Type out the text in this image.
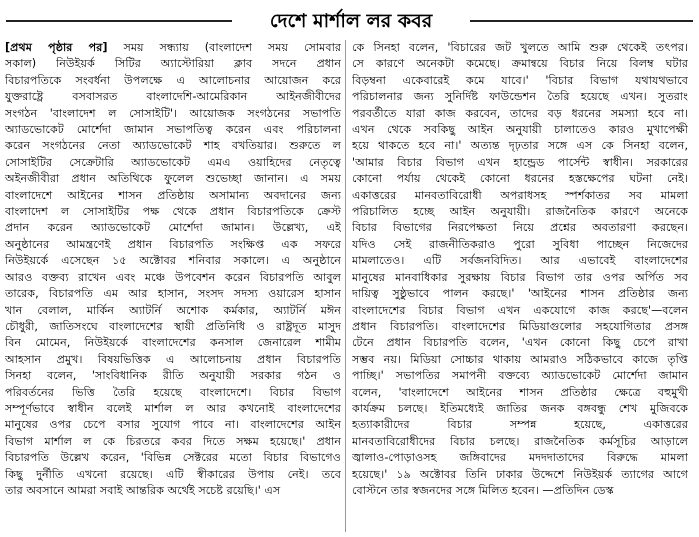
দেশে মার্শাল লর কবর
[প্রথম পৃষ্ঠার পর] সময় সন্ধ্যায় (বাংলাদেশ সময় সোমবার
সকাল) নিউইয়র্ক সিটির অ্যাস্টোরিয়া ক্লাব সদনে প্রধান
বিচারপতিকে সংবর্ধনা উপলক্ষে এ আলোচনার আয়োজন করে
যুক্তরাষ্ট্রে বসবাসরত বাংলাদেশি-আমেরিকান আইনজীবীদের
সংগঠন 'বাংলাদেশ ল সোসাইটি'। আয়োজক সংগঠনের সভাপতি
অ্যাডভোকেট মোর্শেদা জামান সভাপতিত্ব করেন এবং পরিচালনা
করেন সংগঠনের নেতা অ্যাডভোকেট শাহ বখতিয়ার। শুরুতে ল
সোসাইটির সেক্রেটারি অ্যাডভোকেট এমএ ওয়াহিদের নেতৃত্বে
অইনজীবীরা প্রধান অতিথিকে ফুলেল শুভেচ্ছা জানান। এ সময়
বাংলাদেশে আইনের শাসন প্রতিষ্ঠায় অসামান্য অবদানের জন্য
বাংলাদেশ ল সোসাইটির পক্ষ থেকে প্রধান বিচারপতিকে ক্রেস্ট
প্রদান করেন অ্যাডভোকেট মোর্শেদা জামান। উল্লেখ্য, এই
অনুষ্ঠানের আমন্ত্রণেই প্রধান বিচারপতি সংক্ষিপ্ত এক সফরে
নিউইয়র্কে এসেছেন ১৫ অক্টোবর শনিবার সকালে। এ অনুষ্ঠানে
আরও বক্তব্য রাখেন এবং মঞ্চে উপবেশন করেন বিচারপতি আবুল
তারেক, বিচারপতি এম আর হাসান, সংসদ সদস্য ওয়ারেস হাসান
খান বেলাল, মার্কিন অ্যাটর্নি অশোক কর্মকার, অ্যাটর্নি মঈন
চৌধুরী, জাতিসংঘে বাংলাদেশের স্থায়ী প্রতিনিধি ও রাষ্ট্রদূত মাসুদ
বিন মোমেন, নিউইয়র্কে বাংলাদেশের কনসাল জেনারেল শামীম
আহসান প্রমুখ। বিষয়ভিত্তিক এ আলোচনায় প্রধান বিচারপতি
সিনহা বলেন, 'সাংবিধানিক রীতি অনুযায়ী সরকার গঠন ও
পরিবর্তনের ভিত্তি তৈরি হয়েছে বাংলাদেশে। বিচার বিভাগ
সম্পূর্ণভাবে স্বাধীন বলেই মার্শাল ল আর কখনোই বাংলাদেশের
মানুষের ওপর চেপে বসার সুযোগ পাবে না। বাংলাদেশের আইন
বিভাগ মার্শাল ল কে চিরতরে কবর দিতে সক্ষম হয়েছে।' প্রধান
বিচারপতি উল্লেখ করেন, 'বিভিন্ন সেক্টরের মতো বিচার বিভাগেও
কিছু দুর্নীতি এখনো রয়েছে। এটি স্বীকারের উপায় নেই। তবে
তার অবসানে আমরা সবাই আন্তরিক অর্থেই সচেষ্ট রয়েছি।' এস
কে সিনহা বলেন, 'বিচারের জট খুলতে আমি শুরু থেকেই তৎপর।
সে কারণে অনেকটা কমেছে। ক্রমান্বয়ে বিচার নিয়ে বিলম্ব ঘটার
বিড়ম্বনা একেবারেই কমে যাবে।' 'বিচার বিভাগ যথাযথভাবে
পরিচালনার জন্য সুনির্দিষ্ট ফাউন্ডেশন তৈরি হয়েছে এখন। সুতরাং
পরবর্তীতে যারা কাজ করবেন, তাদের বড় ধরনের সমস্যা হবে না।
এখন থেকে সবকিছু আইন অনুযায়ী চালাতেও কারও মুখাপেক্ষী
হয়ে থাকতে হবে না।' অত্যন্ত দৃঢ়তার সঙ্গে এস কে সিনহা বলেন,
'আমার বিচার বিভাগ এখন হান্ড্রেড পার্সেন্ট স্বাধীন। সরকারের
কোনো পর্যায় থেকেই কোনো ধরনের হস্তক্ষেপের ঘটনা নেই।
একাত্তরের মানবতাবিরোধী অপরাধসহ স্পর্শকাতর সব মামলা
পরিচালিত হচ্ছে আইন অনুযায়ী। রাজনৈতিক কারণে অনেকে
বিচার বিভাগের নিরপেক্ষতা নিয়ে প্রশ্নের অবতারণা করছেন।
যদিও সেই রাজনীতিকরাও পুরো সুবিধা পাচ্ছেন নিজেদের
মামলাতেও। এটি সর্বজনবিদিত। আর এভাবেই বাংলাদেশের
মানুষের মানবাধিকার সুরক্ষায় বিচার বিভাগ তার ওপর অর্পিত সব
দায়িত্ব সুষ্ঠুভাবে পালন করছে।' 'আইনের শাসন প্রতিষ্ঠার জন্য
বাংলাদেশের বিচার বিভাগ এখন একযোগে কাজ করছে'—বলেন
প্রধান বিচারপতি। বাংলাদেশের মিডিয়াগুলোর সহযোগিতার প্রসঙ্গ
টেনে প্রধান বিচারপতি বলেন, 'এখন কোনো কিছু চেপে রাখা
সম্ভব নয়। মিডিয়া সোচ্চার থাকায় আমরাও সঠিকভাবে কাজে তৃপ্তি
পাচ্ছি।' সভাপতির সমাপনী বক্তব্যে অ্যাডভোকেট মোর্শেদা জামান
বলেন, 'বাংলাদেশে আইনের শাসন প্রতিষ্ঠার ক্ষেত্রে বহুমুখী
কার্যক্রম চলছে। ইতিমধ্যেই জাতির জনক বঙ্গবন্ধু শেখ মুজিবকে
হত্যাকারীদের বিচার সম্পন্ন হয়েছে, একাত্তরের
মানবতাবিরোধীদের বিচার চলছে। রাজনৈতিক কর্মসূচির আড়ালে
জ্বালাও-পোড়াওসহ জঙ্গিবাদের মদদদাতাদের বিরুদ্ধে মামলা
হয়েছে।' ১৯ অক্টোবর তিনি ঢাকার উদ্দেশে নিউইয়র্ক ত্যাগের আগে
বোস্টনে তার স্বজনদের সঙ্গে মিলিত হবেন। —প্রতিদিন ডেস্ক
